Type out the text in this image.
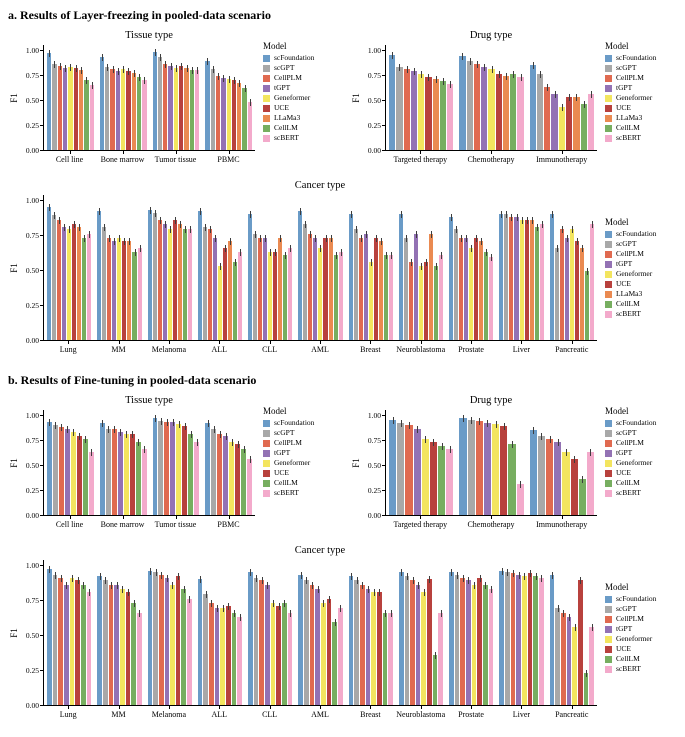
a. Results of Layer-freezing in pooled-data scenario
F1
1.00
0.75
0.50
0.25
0.00
Tissue type
Cell line	Bone marrow	Tumor tissue	PBMC
Model
scFoundation
scGPT
CellPLM
tGPT
Geneformer
UCE
LLaMa3
CellLM
scBERT
F1
1.00
0.75
0.50
0.25
0.00
Drug type
Targeted therapy	Chemotherapy	Immunotherapy
Model
scFoundation
scGPT
CellPLM
tGPT
Geneformer
UCE
LLaMa3
CellLM
scBERT
F1
1.00
0.75
0.50
0.25
0.00
Cancer type
Lung	MM	Melanoma	ALL	CLL	AML	Breast	Neuroblastoma	Prostate	Liver	Pancreatic
Model
scFoundation
scGPT
CellPLM
tGPT
Geneformer
UCE
LLaMa3
CellLM
scBERT
b. Results of Fine-tuning in pooled-data scenario
F1
1.00
0.75
0.50
0.25
0.00
Tissue type
Cell line	Bone marrow	Tumor tissue	PBMC
Model
scFoundation
scGPT
CellPLM
tGPT
Geneformer
UCE
CellLM
scBERT
F1
1.00
0.75
0.50
0.25
0.00
Drug type
Targeted therapy	Chemotherapy	Immunotherapy
Model
scFoundation
scGPT
CellPLM
tGPT
Geneformer
UCE
CellLM
scBERT
F1
1.00
0.75
0.50
0.25
0.00
Cancer type
Lung	MM	Melanoma	ALL	CLL	AML	Breast	Neuroblastoma	Prostate	Liver	Pancreatic
Model
scFoundation
scGPT
CellPLM
tGPT
Geneformer
UCE
CellLM
scBERT
